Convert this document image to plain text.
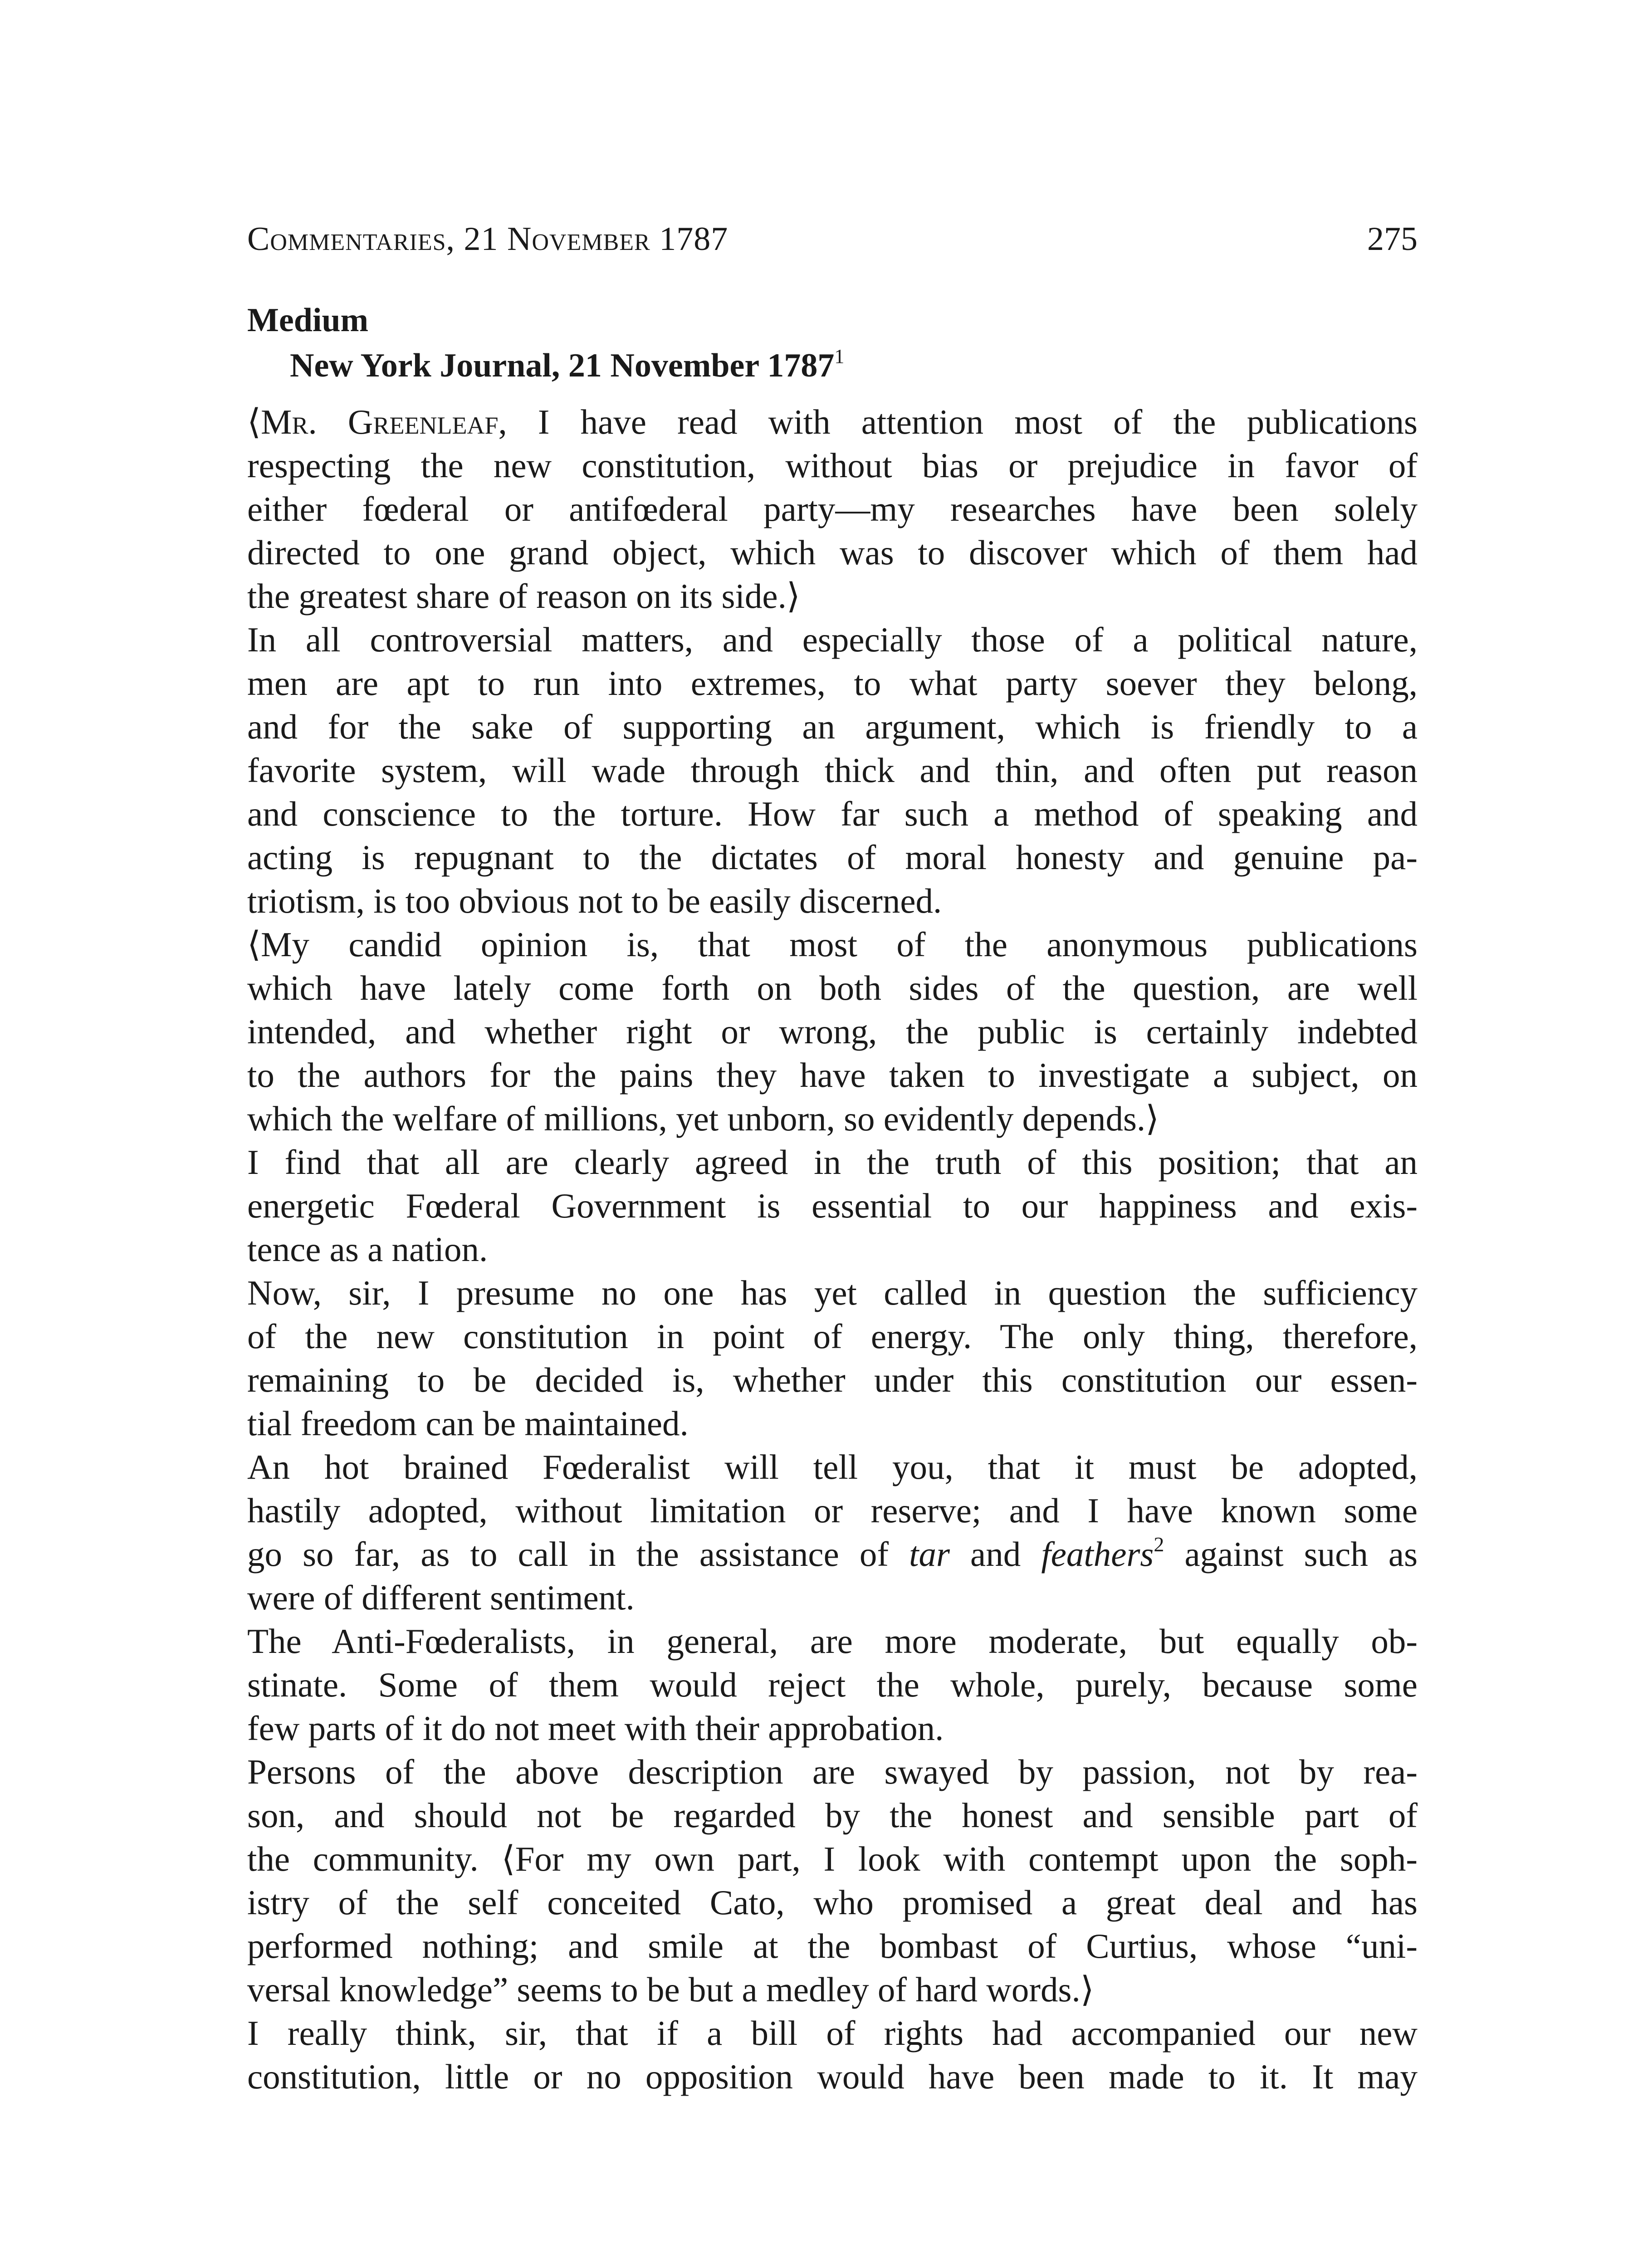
Commentaries, 21 November 1787	275
Medium
New York Journal, 21 November 1787$^1$
⟨Mr. Greenleaf, I have read with attention most of the publications
respecting the new constitution, without bias or prejudice in favor of
either fœderal or antifœderal party—my researches have been solely
directed to one grand object, which was to discover which of them had
the greatest share of reason on its side.⟩
In all controversial matters, and especially those of a political nature,
men are apt to run into extremes, to what party soever they belong,
and for the sake of supporting an argument, which is friendly to a
favorite system, will wade through thick and thin, and often put reason
and conscience to the torture. How far such a method of speaking and
acting is repugnant to the dictates of moral honesty and genuine pa-
triotism, is too obvious not to be easily discerned.
⟨My candid opinion is, that most of the anonymous publications
which have lately come forth on both sides of the question, are well
intended, and whether right or wrong, the public is certainly indebted
to the authors for the pains they have taken to investigate a subject, on
which the welfare of millions, yet unborn, so evidently depends.⟩
I find that all are clearly agreed in the truth of this position; that an
energetic Fœderal Government is essential to our happiness and exis-
tence as a nation.
Now, sir, I presume no one has yet called in question the sufficiency
of the new constitution in point of energy. The only thing, therefore,
remaining to be decided is, whether under this constitution our essen-
tial freedom can be maintained.
An hot brained Fœderalist will tell you, that it must be adopted,
hastily adopted, without limitation or reserve; and I have known some
go so far, as to call in the assistance of tar and feathers$^2$ against such as
were of different sentiment.
The Anti-Fœderalists, in general, are more moderate, but equally ob-
stinate. Some of them would reject the whole, purely, because some
few parts of it do not meet with their approbation.
Persons of the above description are swayed by passion, not by rea-
son, and should not be regarded by the honest and sensible part of
the community. ⟨For my own part, I look with contempt upon the soph-
istry of the self conceited Cato, who promised a great deal and has
performed nothing; and smile at the bombast of Curtius, whose “uni-
versal knowledge” seems to be but a medley of hard words.⟩
I really think, sir, that if a bill of rights had accompanied our new
constitution, little or no opposition would have been made to it. It may
